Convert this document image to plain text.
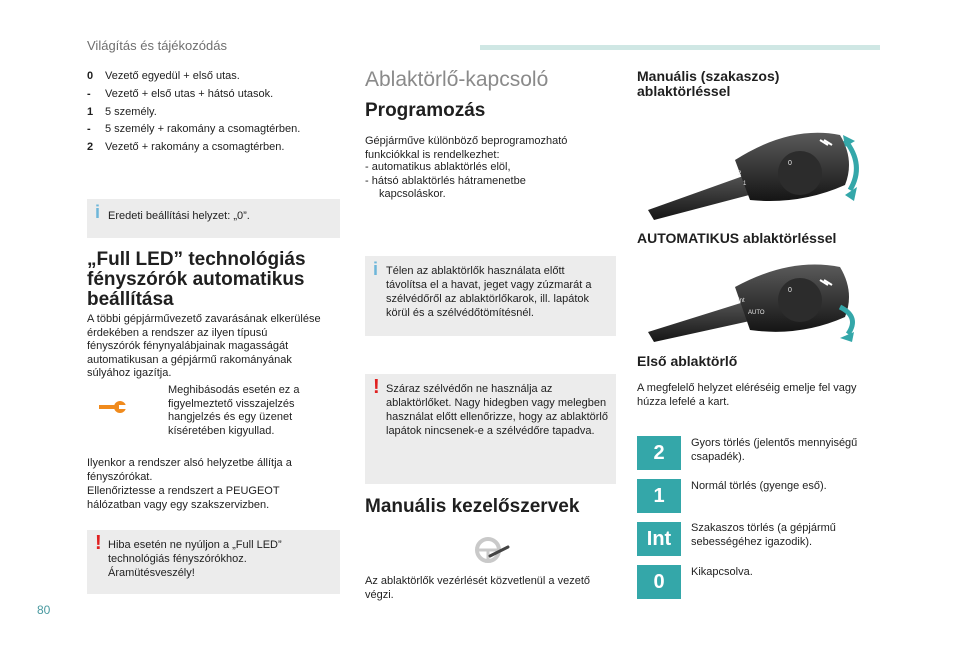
Világítás és tájékozódás
0 Vezető egyedül + első utas.
- Vezető + első utas + hátsó utasok.
1 5 személy.
- 5 személy + rakomány a csomagtérben.
2 Vezető + rakomány a csomagtérben.
i Eredeti beállítási helyzet: „0”.
„Full LED” technológiás fényszórók automatikus beállítása
A többi gépjárművezető zavarásának elkerülése érdekében a rendszer az ilyen típusú fényszórók fénynyalábjainak magasságát automatikusan a gépjármű rakományának súlyához igazítja.
Meghibásodás esetén ez a figyelmeztető visszajelzés hangjelzés és egy üzenet kíséretében kigyullad.
Ilyenkor a rendszer alsó helyzetbe állítja a fényszórókat.
Ellenőriztesse a rendszert a PEUGEOT hálózatban vagy egy szakszervizben.
! Hiba esetén ne nyúljon a „Full LED” technológiás fényszórókhoz. Áramütésveszély!
Ablaktörlő-kapcsoló
Programozás
Gépjárműve különböző beprogramozható funkciókkal is rendelkezhet:
- automatikus ablaktörlés elöl,
- hátsó ablaktörlés hátramenetbe kapcsoláskor.
i Télen az ablaktörlők használata előtt távolítsa el a havat, jeget vagy zúzmarát a szélvédőről az ablaktörlőkarok, ill. lapátok körül és a szélvédőtömítésnél.
! Száraz szélvédőn ne használja az ablaktörlőket. Nagy hidegben vagy melegben használat előtt ellenőrizze, hogy az ablaktörlő lapátok nincsenek-e a szélvédőre tapadva.
Manuális kezelőszervek
Az ablaktörlők vezérlését közvetlenül a vezető végzi.
Manuális (szakaszos) ablaktörléssel
0
1
2
AUTOMATIKUS ablaktörléssel
0
AUTO
Int
Első ablaktörlő
A megfelelő helyzet eléréséig emelje fel vagy húzza lefelé a kart.
2	Gyors törlés (jelentős mennyiségű csapadék).
1	Normál törlés (gyenge eső).
Int	Szakaszos törlés (a gépjármű sebességéhez igazodik).
0	Kikapcsolva.
80
